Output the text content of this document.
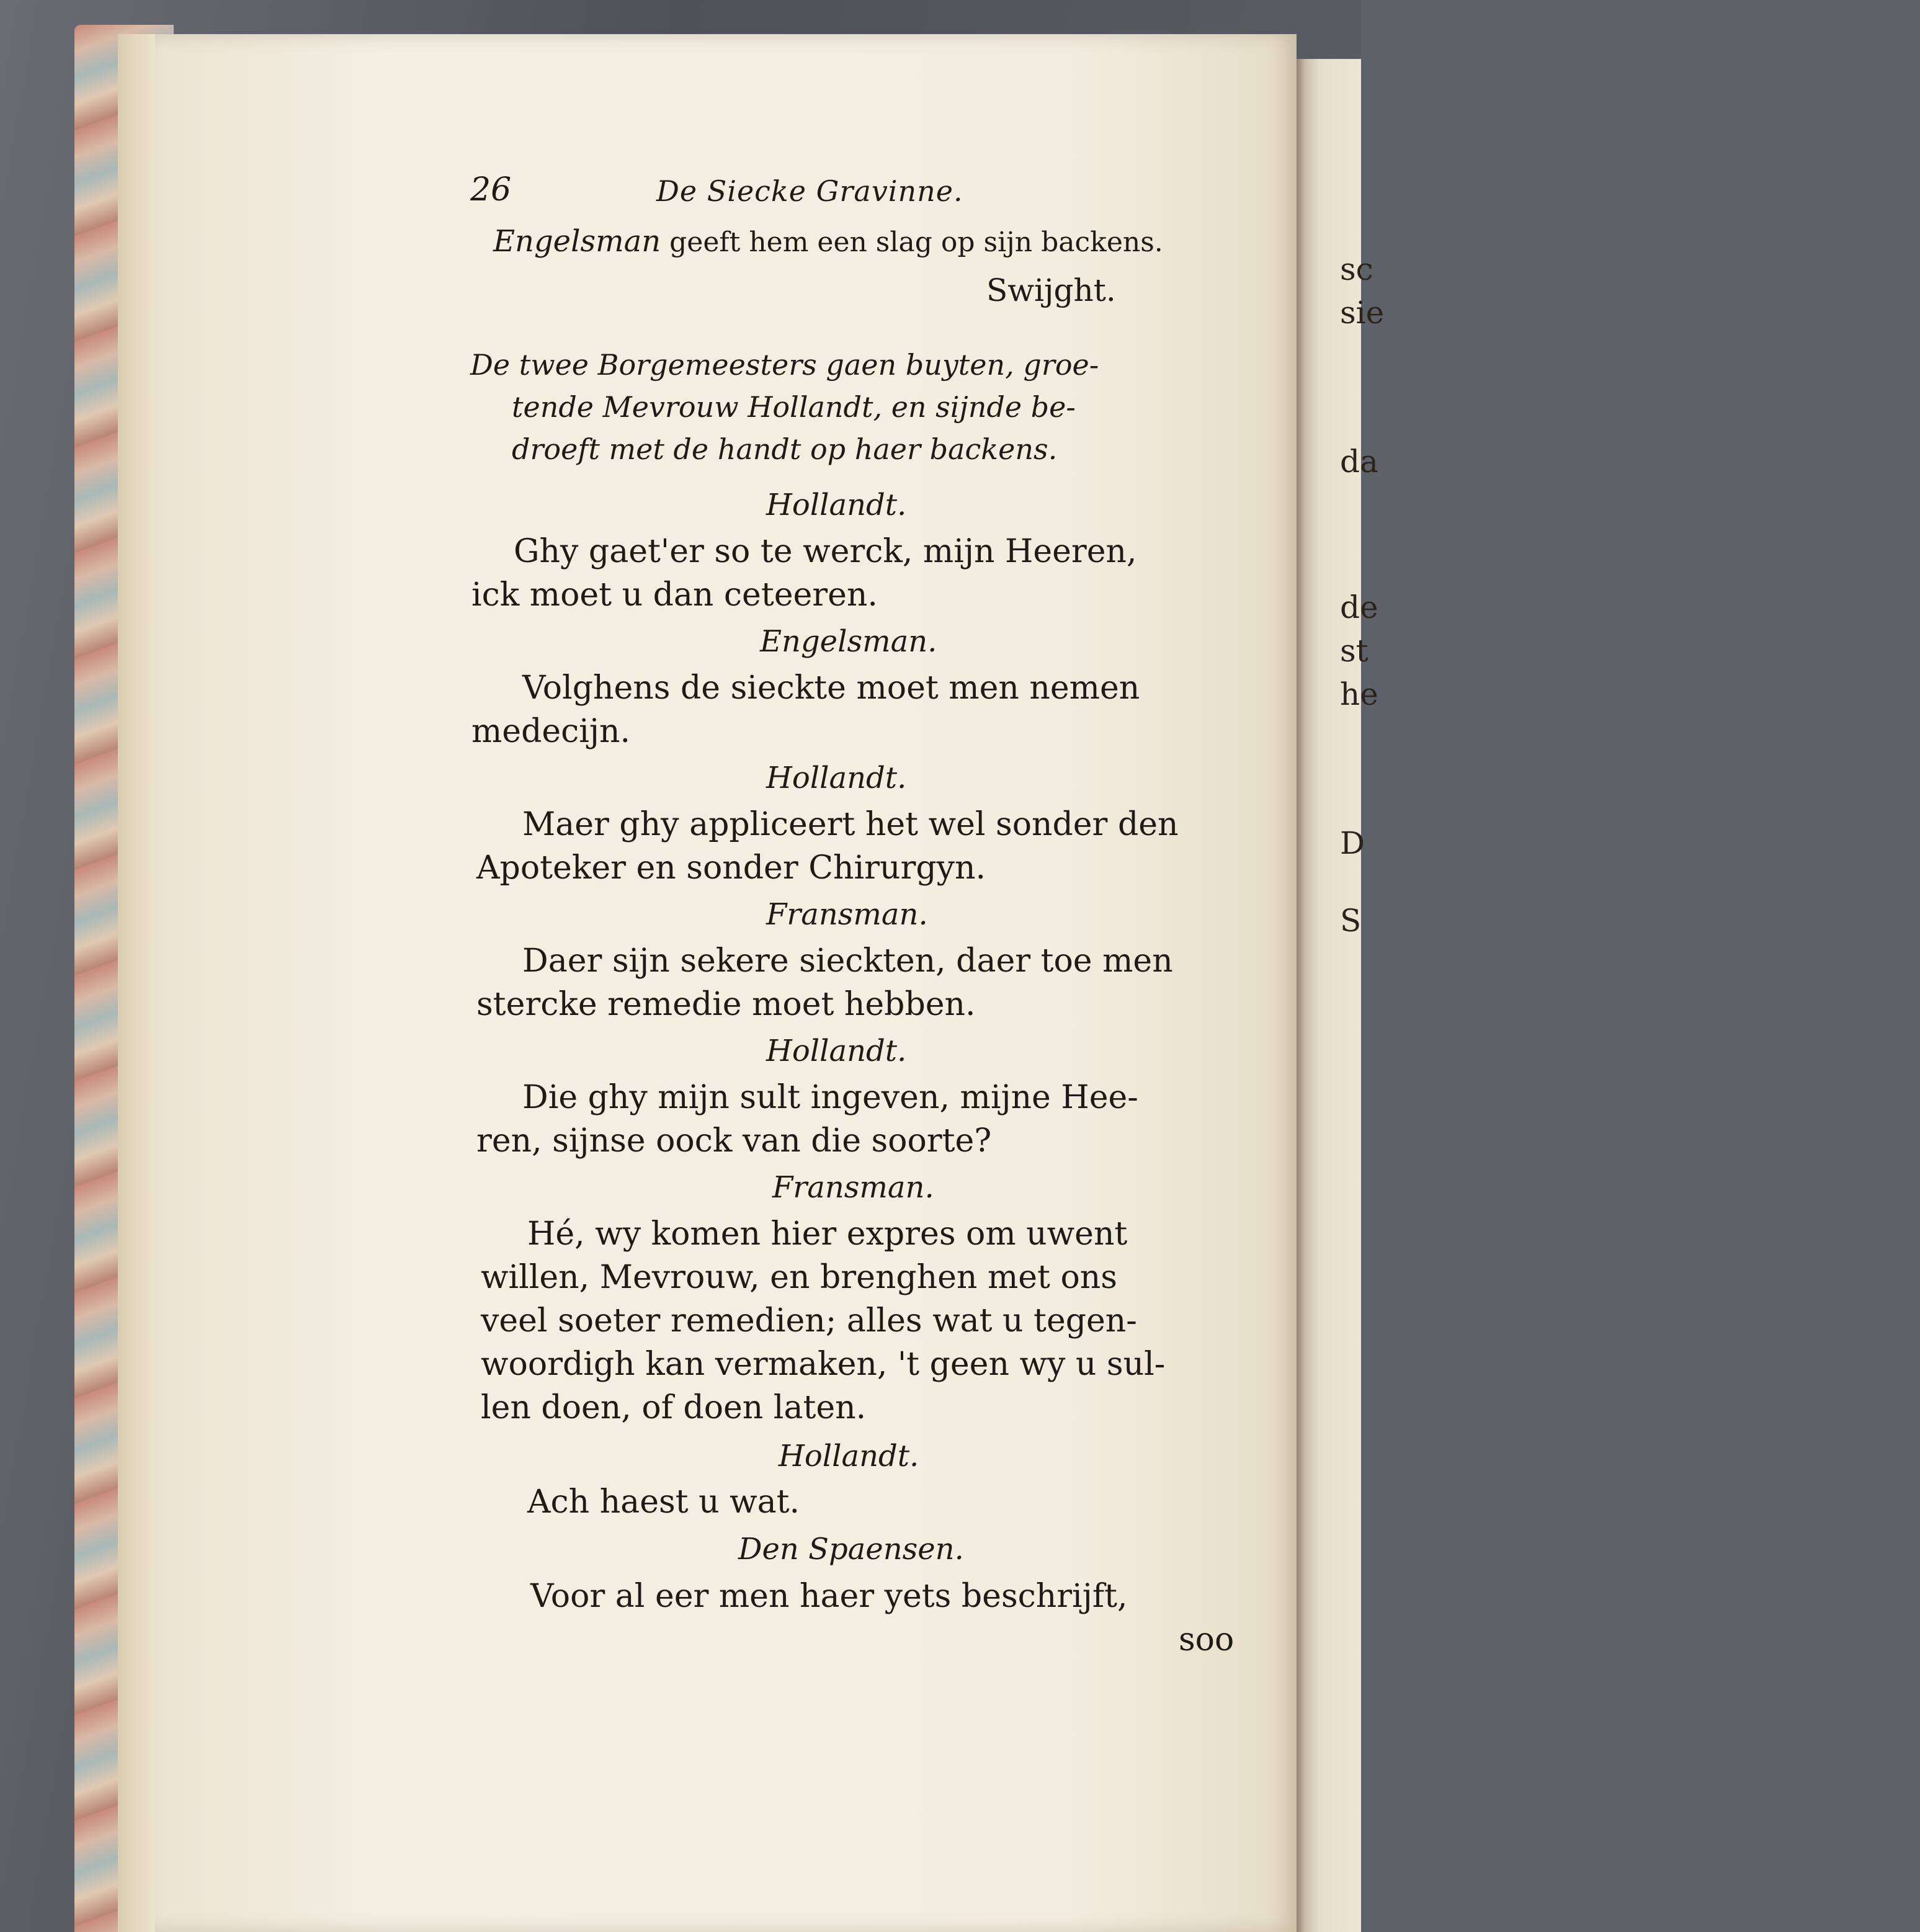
26	De Siecke Gravinne.
Engelsman geeft hem een slag op sijn backens.
Swijght.
De twee Borgemeesters gaen buyten, groe-
tende Mevrouw Hollandt, en sijnde be-
droeft met de handt op haer backens.
Hollandt.
Ghy gaet'er so te werck, mijn Heeren,
ick moet u dan ceteeren.
Engelsman.
Volghens de sieckte moet men nemen
medecijn.
Hollandt.
Maer ghy appliceert het wel sonder den
Apoteker en sonder Chirurgyn.
Fransman.
Daer sijn sekere sieckten, daer toe men
stercke remedie moet hebben.
Hollandt.
Die ghy mijn sult ingeven, mijne Hee-
ren, sijnse oock van die soorte?
Fransman.
Hé, wy komen hier expres om uwent
willen, Mevrouw, en brenghen met ons
veel soeter remedien; alles wat u tegen-
woordigh kan vermaken, 't geen wy u sul-
len doen, of doen laten.
Hollandt.
Ach haest u wat.
Den Spaensen.
Voor al eer men haer yets beschrijft,
soo
sc
sie
da
de
st
he
D
S
